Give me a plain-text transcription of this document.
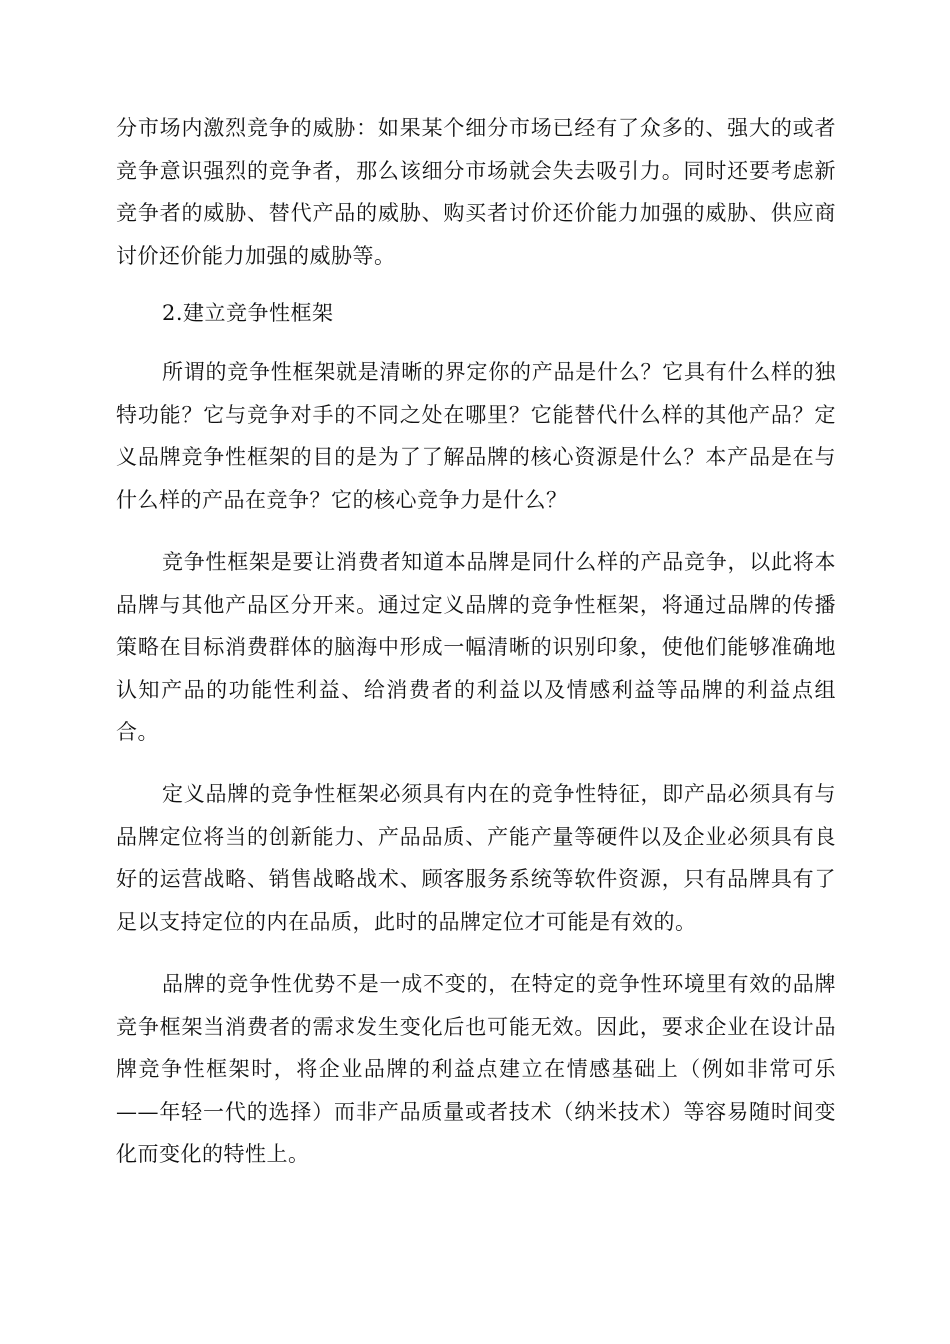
分市场内激烈竞争的威胁：如果某个细分市场已经有了众多的、强大的或者竞争意识强烈的竞争者，那么该细分市场就会失去吸引力。同时还要考虑新竞争者的威胁、替代产品的威胁、购买者讨价还价能力加强的威胁、供应商讨价还价能力加强的威胁等。

2.建立竞争性框架

所谓的竞争性框架就是清晰的界定你的产品是什么？它具有什么样的独特功能？它与竞争对手的不同之处在哪里？它能替代什么样的其他产品？定义品牌竞争性框架的目的是为了了解品牌的核心资源是什么？本产品是在与什么样的产品在竞争？它的核心竞争力是什么？

竞争性框架是要让消费者知道本品牌是同什么样的产品竞争，以此将本品牌与其他产品区分开来。通过定义品牌的竞争性框架，将通过品牌的传播策略在目标消费群体的脑海中形成一幅清晰的识别印象，使他们能够准确地认知产品的功能性利益、给消费者的利益以及情感利益等品牌的利益点组合。

定义品牌的竞争性框架必须具有内在的竞争性特征，即产品必须具有与品牌定位将当的创新能力、产品品质、产能产量等硬件以及企业必须具有良好的运营战略、销售战略战术、顾客服务系统等软件资源，只有品牌具有了足以支持定位的内在品质，此时的品牌定位才可能是有效的。

品牌的竞争性优势不是一成不变的，在特定的竞争性环境里有效的品牌竞争框架当消费者的需求发生变化后也可能无效。因此，要求企业在设计品牌竞争性框架时，将企业品牌的利益点建立在情感基础上（例如非常可乐——年轻一代的选择）而非产品质量或者技术（纳米技术）等容易随时间变化而变化的特性上。
